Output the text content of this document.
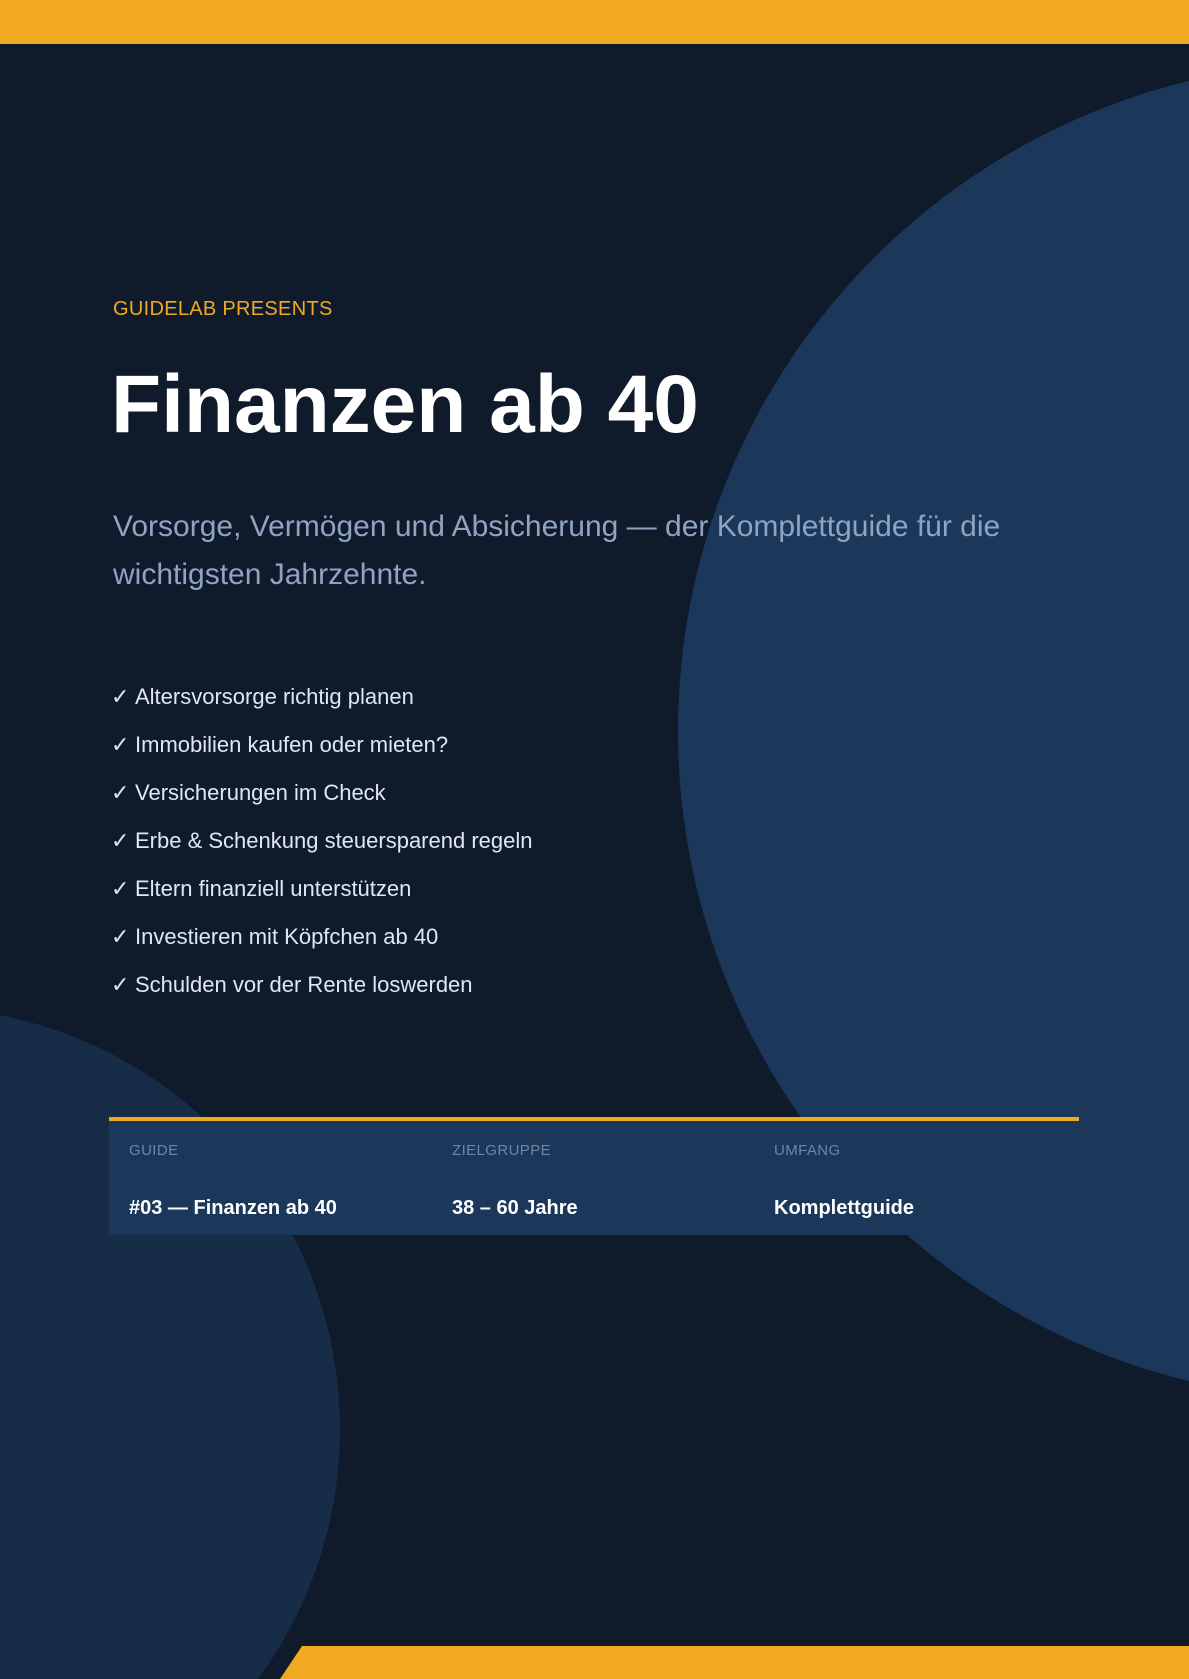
GUIDELAB PRESENTS
Finanzen ab 40
Vorsorge, Vermögen und Absicherung — der Komplettguide für die wichtigsten Jahrzehnte.
✓ Altersvorsorge richtig planen
✓ Immobilien kaufen oder mieten?
✓ Versicherungen im Check
✓ Erbe & Schenkung steuersparend regeln
✓ Eltern finanziell unterstützen
✓ Investieren mit Köpfchen ab 40
✓ Schulden vor der Rente loswerden
GUIDE
#03 — Finanzen ab 40
ZIELGRUPPE
38 – 60 Jahre
UMFANG
Komplettguide
